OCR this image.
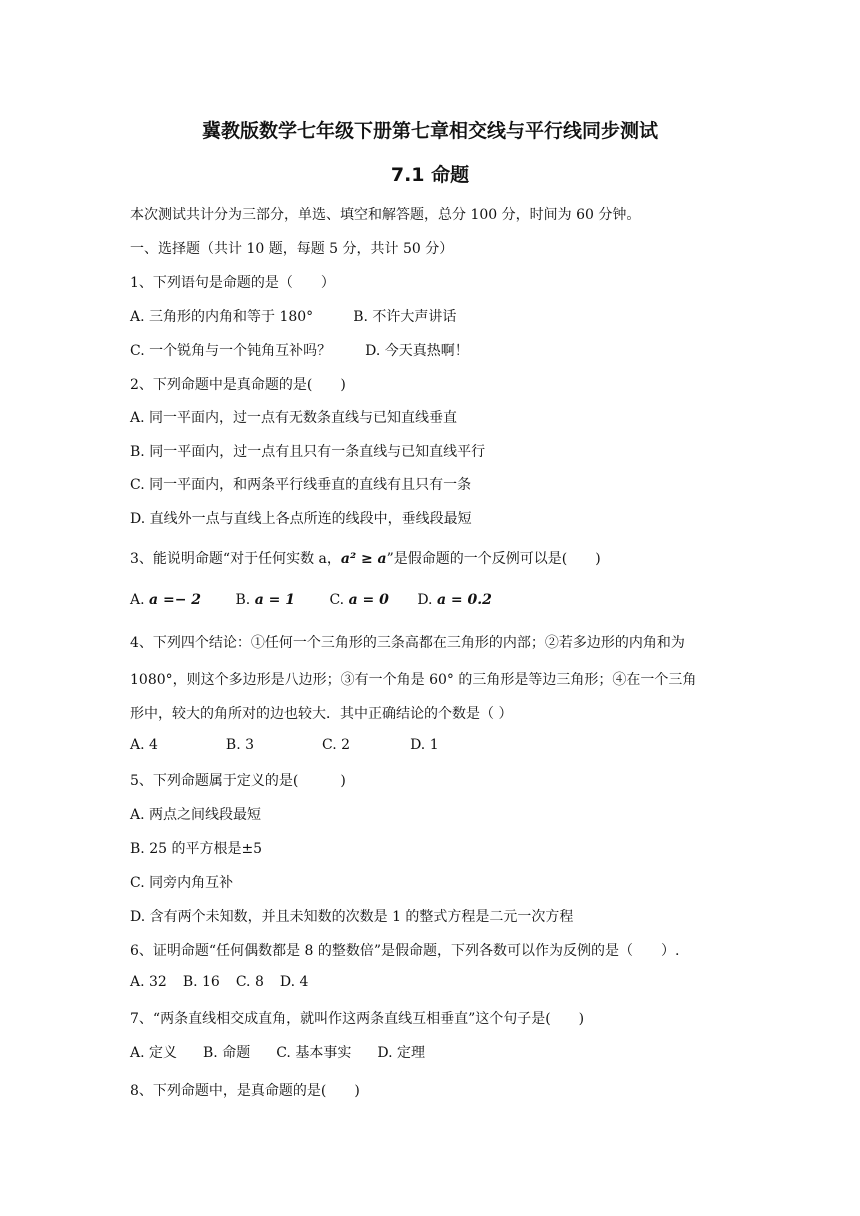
冀教版数学七年级下册第七章相交线与平行线同步测试
7.1 命题
本次测试共计分为三部分，单选、填空和解答题，总分 100 分，时间为 60 分钟。
一、选择题（共计 10 题，每题 5 分，共计 50 分）
1、下列语句是命题的是（　　）
A. 三角形的内角和等于 180°	B. 不许大声讲话
C. 一个锐角与一个钝角互补吗？ D. 今天真热啊！
2、下列命题中是真命题的是(　　)
A. 同一平面内，过一点有无数条直线与已知直线垂直
B. 同一平面内，过一点有且只有一条直线与已知直线平行
C. 同一平面内，和两条平行线垂直的直线有且只有一条
D. 直线外一点与直线上各点所连的线段中，垂线段最短
3、能说明命题“对于任何实数 a，a² ≥ a”是假命题的一个反例可以是(　　)
A. a =− 2 B. a = 1 C. a = 0 D. a = 0.2
4、下列四个结论：①任何一个三角形的三条高都在三角形的内部；②若多边形的内角和为
1080°，则这个多边形是八边形；③有一个角是 60° 的三角形是等边三角形；④在一个三角
形中，较大的角所对的边也较大．其中正确结论的个数是（ ）
A. 4	B. 3	C. 2	D. 1
5、下列命题属于定义的是(　　　)
A. 两点之间线段最短
B. 25 的平方根是±5
C. 同旁内角互补
D. 含有两个未知数，并且未知数的次数是 1 的整式方程是二元一次方程
6、证明命题“任何偶数都是 8 的整数倍”是假命题，下列各数可以作为反例的是（　　）.
A. 32 B. 16 C. 8 D. 4
7、“两条直线相交成直角，就叫作这两条直线互相垂直”这个句子是(　　)
A. 定义 B. 命题 C. 基本事实 D. 定理
8、下列命题中，是真命题的是(　　)
